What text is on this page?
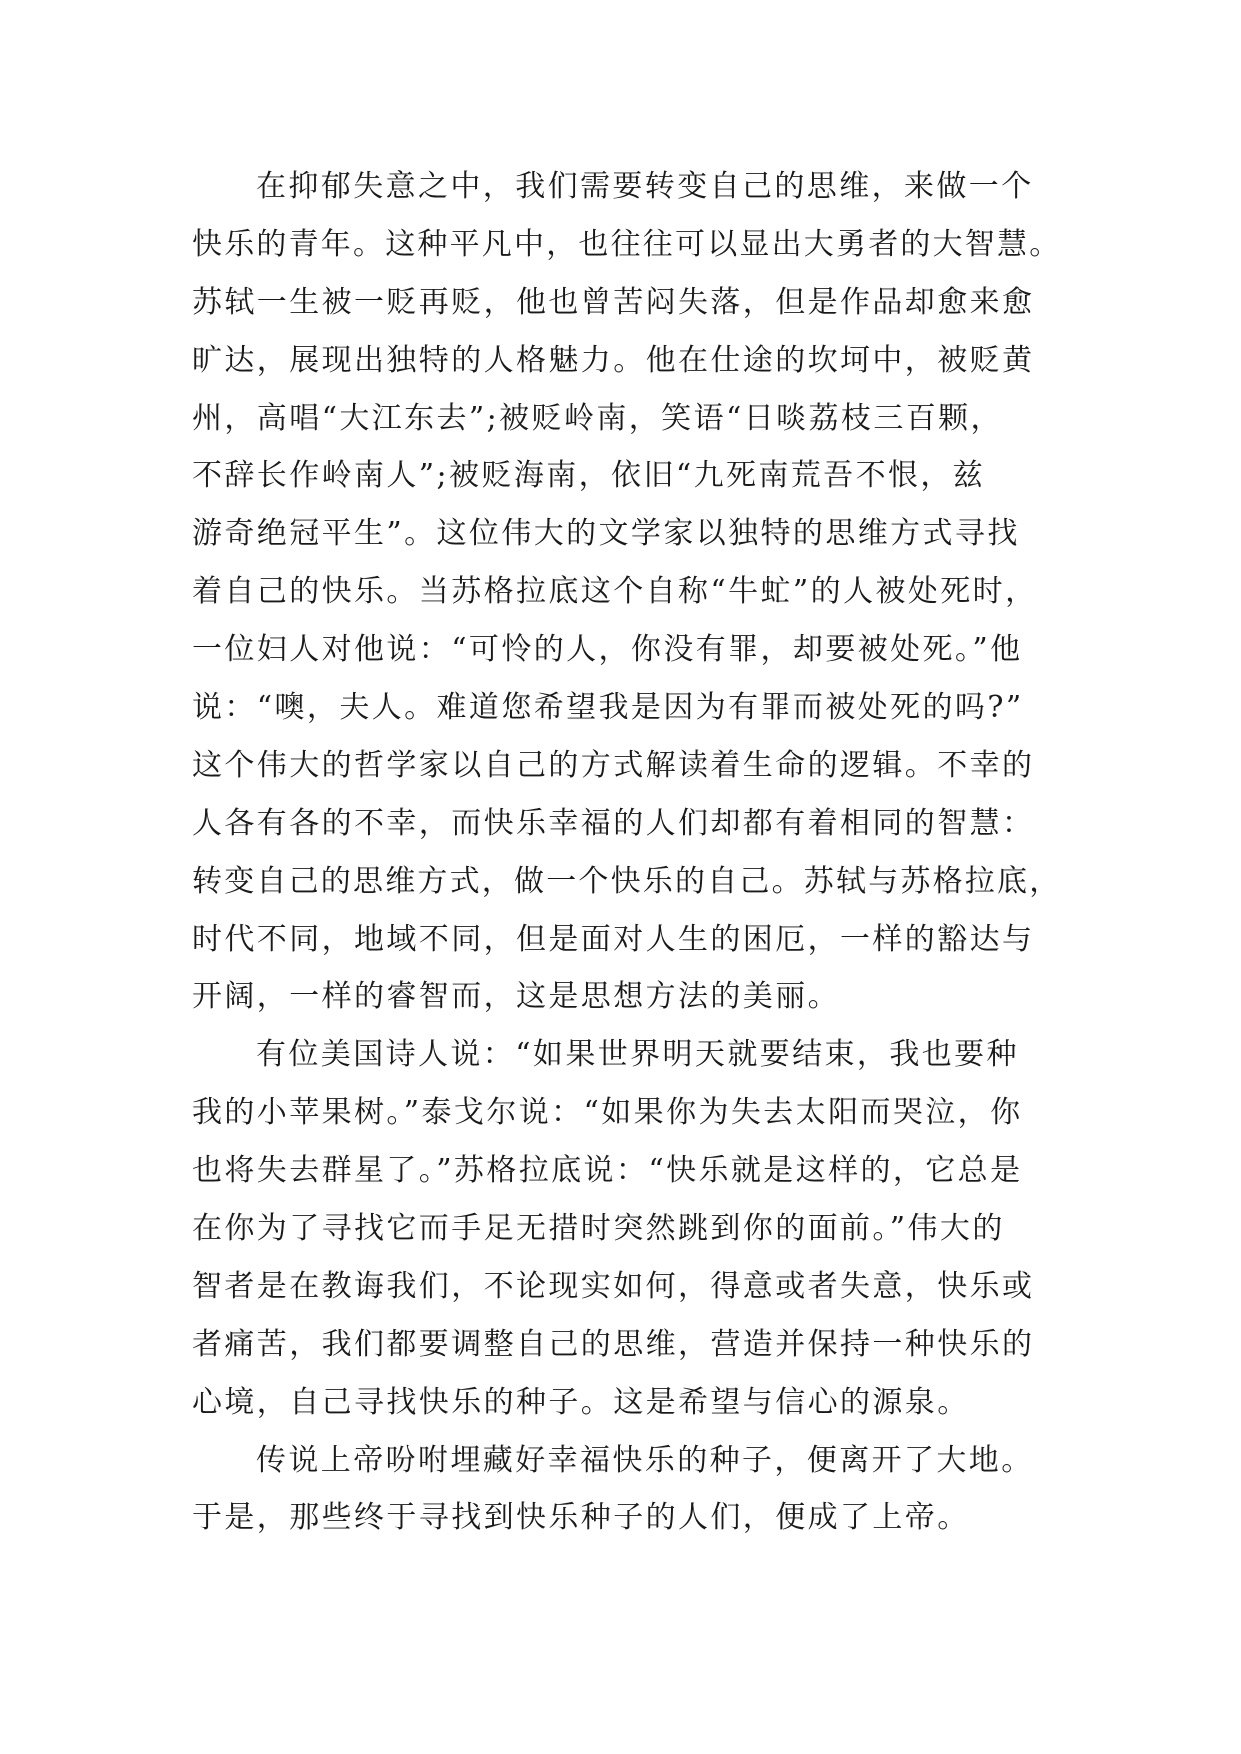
在抑郁失意之中，我们需要转变自己的思维，来做一个
快乐的青年。这种平凡中，也往往可以显出大勇者的大智慧。
苏轼一生被一贬再贬，他也曾苦闷失落，但是作品却愈来愈
旷达，展现出独特的人格魅力。他在仕途的坎坷中，被贬黄
州，高唱“大江东去”;被贬岭南，笑语“日啖荔枝三百颗，
不辞长作岭南人”;被贬海南，依旧“九死南荒吾不恨，兹
游奇绝冠平生”。这位伟大的文学家以独特的思维方式寻找
着自己的快乐。当苏格拉底这个自称“牛虻”的人被处死时，
一位妇人对他说：“可怜的人，你没有罪，却要被处死。”他
说：“噢，夫人。难道您希望我是因为有罪而被处死的吗?”
这个伟大的哲学家以自己的方式解读着生命的逻辑。不幸的
人各有各的不幸，而快乐幸福的人们却都有着相同的智慧：
转变自己的思维方式，做一个快乐的自己。苏轼与苏格拉底，
时代不同，地域不同，但是面对人生的困厄，一样的豁达与
开阔，一样的睿智而，这是思想方法的美丽。
有位美国诗人说：“如果世界明天就要结束，我也要种
我的小苹果树。”泰戈尔说：“如果你为失去太阳而哭泣，你
也将失去群星了。”苏格拉底说：“快乐就是这样的，它总是
在你为了寻找它而手足无措时突然跳到你的面前。”伟大的
智者是在教诲我们，不论现实如何，得意或者失意，快乐或
者痛苦，我们都要调整自己的思维，营造并保持一种快乐的
心境，自己寻找快乐的种子。这是希望与信心的源泉。
传说上帝吩咐埋藏好幸福快乐的种子，便离开了大地。
于是，那些终于寻找到快乐种子的人们，便成了上帝。
